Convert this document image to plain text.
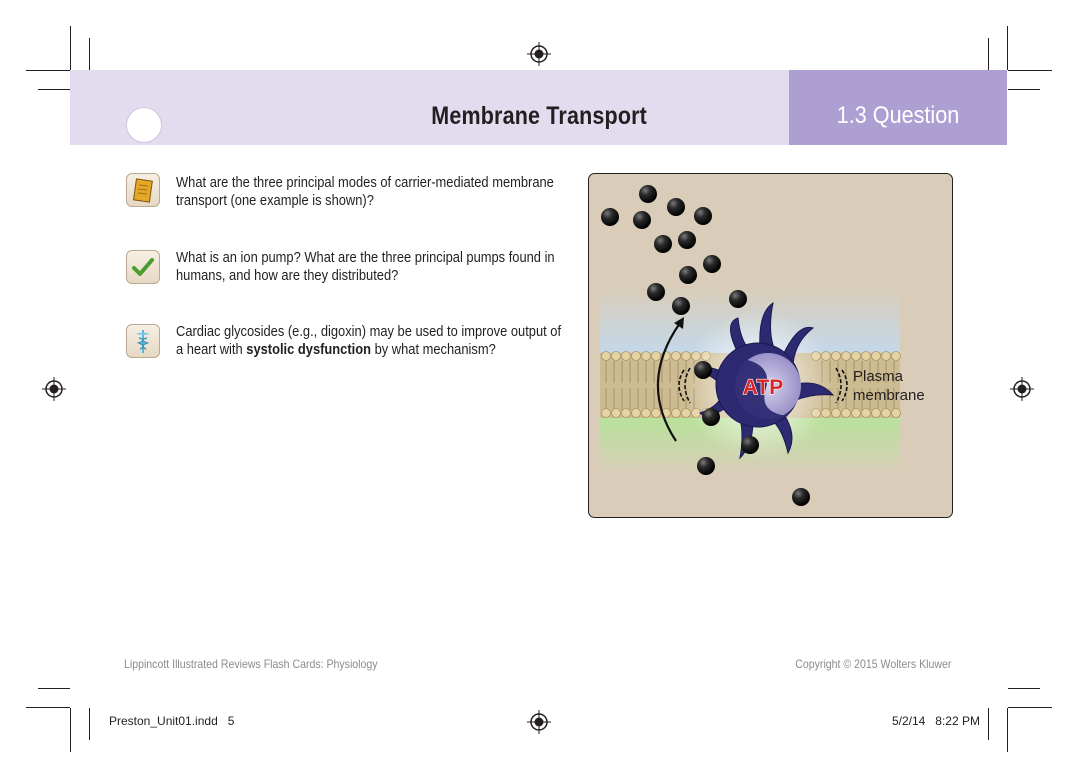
Membrane Transport	1.3 Question
What are the three principal modes of carrier-mediated membrane transport (one example is shown)?
What is an ion pump? What are the three principal pumps found in humans, and how are they distributed?
Cardiac glycosides (e.g., digoxin) may be used to improve output of a heart with systolic dysfunction by what mechanism?
ATP	Plasma
membrane
Lippincott Illustrated Reviews Flash Cards: Physiology	Copyright © 2015 Wolters Kluwer
Preston_Unit01.indd   5	5/2/14   8:22 PM
